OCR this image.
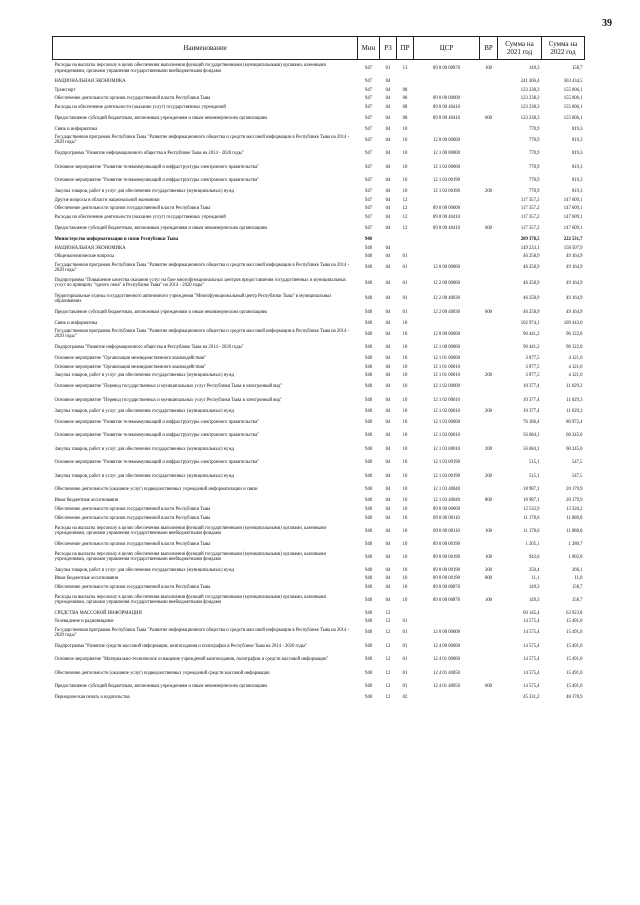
39
Наименование	Мин	РЗ	ПР	ЦСР	ВР	Сумма на 2021 год	Сумма на 2022 год
Расходы на выплаты персоналу в целях обеспечения выполнения функций государственными (муниципальными) органами, казенными учреждениями, органами управления государственными внебюджетными фондами	947	01	13	89 0 00 00870	100	149,3	158,7
НАЦИОНАЛЬНАЯ ЭКОНОМИКА	947	04				241 366,4	303 434,5
Транспорт	947	04	08			123 238,3	155 006,1
Обеспечение деятельности органов государственной власти Республики Тыва	947	04	08	89 0 00 00000		123 238,3	155 006,1
Расходы на обеспечение деятельности (оказание услуг) государственных учреждений	947	04	08	89 0 00 40410		123 238,3	155 006,1
Предоставление субсидий бюджетным, автономным учреждениям и иным некоммерческим организациям	947	04	08	89 0 00 40410	600	123 238,3	155 006,1
Связь и информатика	947	04	10			770,9	819,3
Государственная программа Республики Тыва "Развитие информационного общества и средств массовой информации в Республике Тыва на 2014 - 2020 годы"	947	04	10	12 0 00 00000		770,9	819,3
Подпрограмма "Развитие информационного общества в Республике Тыва на 2014 - 2020 годы"	947	04	10	12 1 00 00000		770,9	819,3
Основное мероприятие "Развитие телекоммуникаций и инфраструктуры электронного правительства"	947	04	10	12 1 03 00000		770,9	819,3
Основное мероприятие "Развитие телекоммуникаций и инфраструктуры электронного правительства"	947	04	10	12 1 03 00190		770,9	819,3
Закупка товаров, работ и услуг для обеспечения государственных (муниципальных) нужд	947	04	10	12 1 03 00190	200	770,9	819,3
Другие вопросы в области национальной экономики	947	04	12			117 357,2	147 609,1
Обеспечение деятельности органов государственной власти Республики Тыва	947	04	12	89 0 00 00000		117 357,2	147 609,1
Расходы на обеспечение деятельности (оказание услуг) государственных учреждений	947	04	12	89 0 00 40410		117 357,2	147 609,1
Предоставление субсидий бюджетным, автономным учреждениям и иным некоммерческим организациям	947	04	12	89 0 00 40410	600	117 357,2	147 609,1
Министерство информатизации и связи Республики Тыва	948					209 378,5	222 531,7
НАЦИОНАЛЬНАЯ ЭКОНОМИКА	948	04				149 233,1	158 507,9
Общеэкономические вопросы	948	04	01			46 258,9	49 164,9
Государственная программа Республики Тыва "Развитие информационного общества и средств массовой информации в Республике Тыва на 2014 - 2020 годы"	948	04	01	12 0 00 00000		46 258,9	49 164,9
Подпрограмма "Повышение качества оказания услуг на базе многофункциональных центров предоставления государственных и муниципальных услуг по принципу "одного окна" в Республике Тыва" на 2014 - 2020 годы"	948	04	01	12 2 00 00000		46 258,9	49 164,9
Территориальные отделы государственного автономного учреждения "Многофункциональный центр Республики Тыва" в муниципальных образованиях	948	04	01	12 2 00 40030		46 258,9	49 164,9
Предоставление субсидий бюджетным, автономным учреждениям и иным некоммерческим организациям	948	04	01	12 2 00 40030	600	46 258,9	49 164,9
Связь и информатика	948	04	10			102 974,1	109 443,0
Государственная программа Республики Тыва "Развитие информационного общества и средств массовой информации в Республике Тыва на 2014 - 2020 годы"	948	04	10	12 0 00 00000		90 441,2	96 122,8
Подпрограмма "Развитие информационного общества в Республике Тыва на 2014 - 2020 годы"	948	04	10	12 1 00 00000		90 441,2	96 122,8
Основное мероприятие "Организация межведомственного взаимодействия"	948	04	10	12 1 01 00000		3 877,5	4 121,0
Основное мероприятие "Организация межведомственного взаимодействия"	948	04	10	12 1 01 00010		3 877,5	4 121,0
Закупка товаров, работ и услуг для обеспечения государственных (муниципальных) нужд	948	04	10	12 1 01 00010	200	3 877,5	4 121,0
Основное мероприятие "Перевод государственных и муниципальных услуг Республики Тыва в электронный вид"	948	04	10	12 1 02 00000		10 377,4	11 029,3
Основное мероприятие "Перевод государственных и муниципальных услуг Республики Тыва в электронный вид"	948	04	10	12 1 02 00010		10 377,4	11 029,3
Закупка товаров, работ и услуг для обеспечения государственных (муниципальных) нужд	948	04	10	12 1 02 00010	200	10 377,4	11 029,3
Основное мероприятие "Развитие телекоммуникаций и инфраструктуры электронного правительства"	948	04	10	12 1 03 00000		76 186,4	80 972,4
Основное мероприятие "Развитие телекоммуникаций и инфраструктуры электронного правительства"	948	04	10	12 1 03 00010		56 684,1	60 245,0
Закупка товаров, работ и услуг для обеспечения государственных (муниципальных) нужд	948	04	10	12 1 03 00010	200	56 684,1	60 245,0
Основное мероприятие "Развитие телекоммуникаций и инфраструктуры электронного правительства"	948	04	10	12 1 03 00190		515,1	547,5
Закупка товаров, работ и услуг для обеспечения государственных (муниципальных) нужд	948	04	10	12 1 03 00190	200	515,1	547,5
Обеспечение деятельности (оказание услуг) подведомственных учреждений информатизации и связи	948	04	10	12 1 03 40040		18 987,1	20 179,9
Иные бюджетные ассигнования	948	04	10	12 1 03 40040	800	18 987,1	20 179,9
Обеспечение деятельности органов государственной власти Республики Тыва	948	04	10	89 0 00 00000		12 532,9	13 320,2
Обеспечение деятельности органов государственной власти Республики Тыва	948	04	10	89 0 00 00110		11 178,6	11 880,8
Расходы на выплаты персоналу в целях обеспечения выполнения функций государственными (муниципальными) органами, казенными учреждениями, органами управления государственными внебюджетными фондами	948	04	10	89 0 00 00110	100	11 178,6	11 880,8
Обеспечение деятельности органов государственной власти Республики Тыва	948	04	10	89 0 00 00190		1 205,1	1 280,7
Расходы на выплаты персоналу в целях обеспечения выполнения функций государственными (муниципальными) органами, казенными учреждениями, органами управления государственными внебюджетными фондами	948	04	10	89 0 00 00190	100	943,6	1 002,8
Закупка товаров, работ и услуг для обеспечения государственных (муниципальных) нужд	948	04	10	89 0 00 00190	200	250,4	266,1
Иные бюджетные ассигнования	948	04	10	89 0 00 00190	800	11,1	11,8
Обеспечение деятельности органов государственной власти Республики Тыва	948	04	10	89 0 00 00870		149,3	158,7
Расходы на выплаты персоналу в целях обеспечения выполнения функций государственными (муниципальными) органами, казенными учреждениями, органами управления государственными внебюджетными фондами	948	04	10	89 0 00 00870	100	149,3	158,7
СРЕДСТВА МАССОВОЙ ИНФОРМАЦИИ	948	12				60 145,4	63 923,8
Телевидение и радиовещание	948	12	01			14 575,4	15 491,0
Государственная программа Республики Тыва "Развитие информационного общества и средств массовой информации в Республике Тыва на 2014 - 2020 годы"	948	12	01	12 0 00 00000		14 575,4	15 491,0
Подпрограмма "Развитие средств массовой информации, книгоиздания и полиграфии в Республике Тыва на 2014 - 2020 годы"	948	12	01	12 4 00 00000		14 575,4	15 491,0
Основное мероприятие "Материально-техническое оснащение учреждений книгоиздания, полиграфии и средств массовой информации"	948	12	01	12 4 01 00000		14 575,4	15 491,0
Обеспечение деятельности (оказание услуг) подведомственных учреждений средств массовой информации	948	12	01	12 4 01 40050		14 575,4	15 491,0
Предоставление субсидий бюджетным, автономным учреждениям и иным некоммерческим организациям	948	12	01	12 4 01 40050	600	14 575,4	15 491,0
Периодическая печать и издательства	948	12	02			45 331,2	48 178,9
